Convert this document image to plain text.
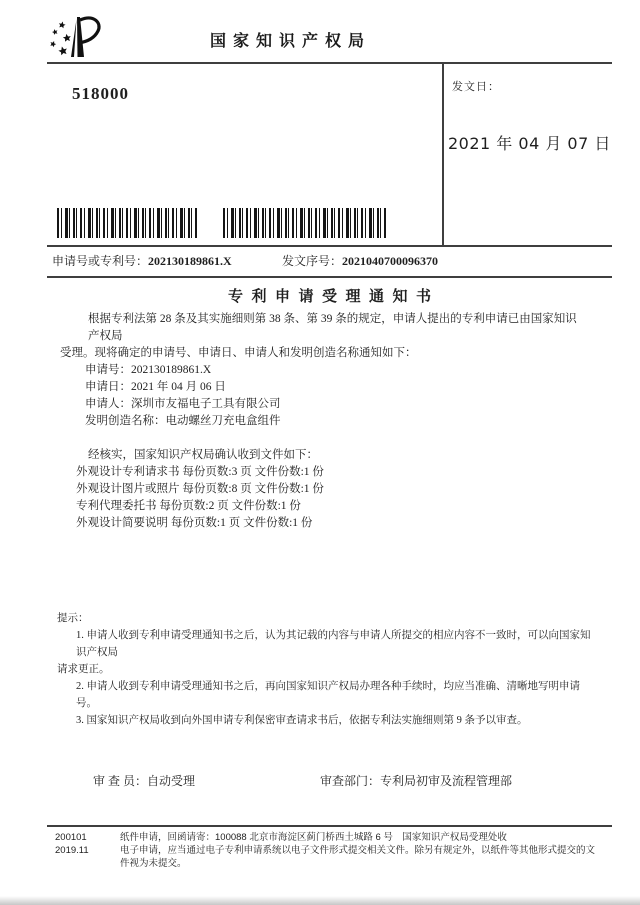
国家知识产权局
518000	发文日：
2021 年 04 月 07 日
申请号或专利号：202130189861.X	发文序号：2021040700096370
专利申请受理通知书
根据专利法第 28 条及其实施细则第 38 条、第 39 条的规定，申请人提出的专利申请已由国家知识产权局
受理。现将确定的申请号、申请日、申请人和发明创造名称通知如下：
申请号：202130189861.X
申请日：2021 年 04 月 06 日
申请人：深圳市友福电子工具有限公司
发明创造名称：电动螺丝刀充电盒组件
经核实，国家知识产权局确认收到文件如下：
外观设计专利请求书 每份页数:3 页 文件份数:1 份
外观设计图片或照片 每份页数:8 页 文件份数:1 份
专利代理委托书 每份页数:2 页 文件份数:1 份
外观设计简要说明 每份页数:1 页 文件份数:1 份
提示：
1. 申请人收到专利申请受理通知书之后，认为其记载的内容与申请人所提交的相应内容不一致时，可以向国家知识产权局
请求更正。
2. 申请人收到专利申请受理通知书之后，再向国家知识产权局办理各种手续时，均应当准确、清晰地写明申请号。
3. 国家知识产权局收到向外国申请专利保密审查请求书后，依据专利法实施细则第 9 条予以审查。
审 查 员：自动受理	审查部门：专利局初审及流程管理部
200101
2019.11
纸件申请，回函请寄：100088 北京市海淀区蓟门桥西土城路 6 号　国家知识产权局受理处收
电子申请，应当通过电子专利申请系统以电子文件形式提交相关文件。除另有规定外，以纸件等其他形式提交的文件视为未提交。
